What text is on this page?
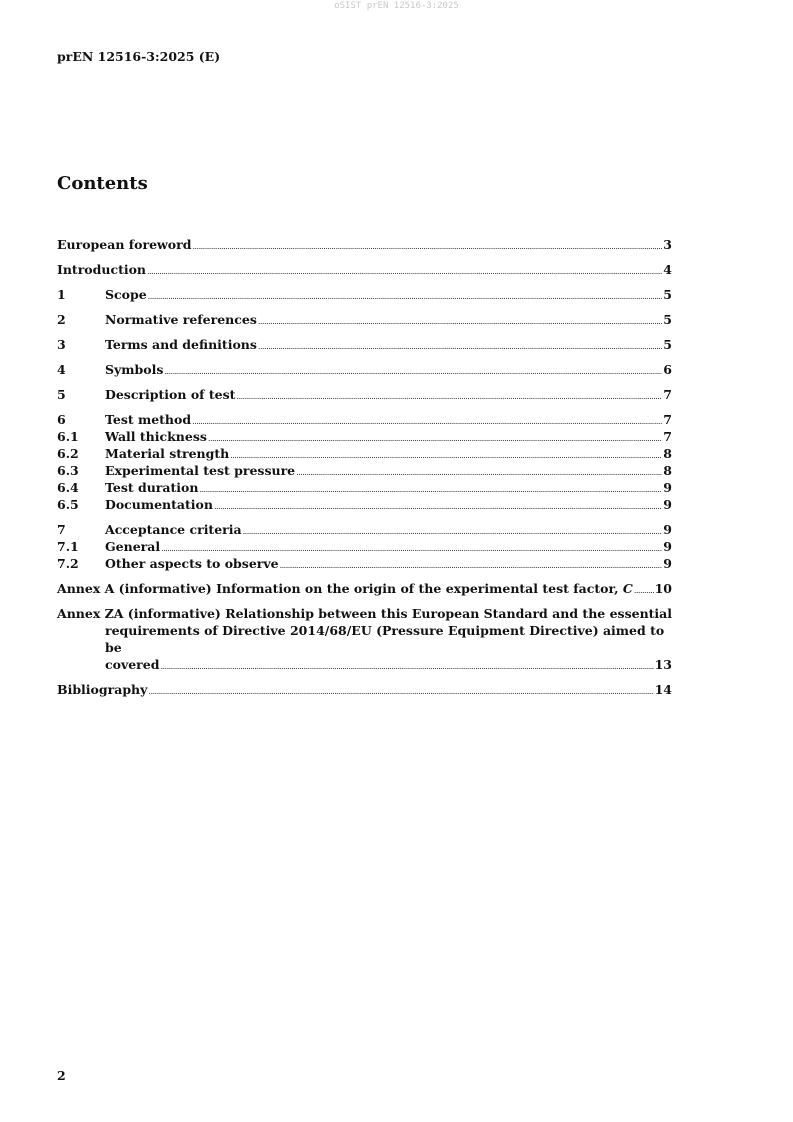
oSIST prEN 12516-3:2025
prEN 12516-3:2025 (E)
Contents
European foreword .....	3
Introduction .....	4
1	Scope .....	5
2	Normative references .....	5
3	Terms and definitions .....	5
4	Symbols .....	6
5	Description of test .....	7
6	Test method .....	7
6.1	Wall thickness .....	7
6.2	Material strength .....	8
6.3	Experimental test pressure .....	8
6.4	Test duration .....	9
6.5	Documentation .....	9
7	Acceptance criteria .....	9
7.1	General .....	9
7.2	Other aspects to observe .....	9
Annex A (informative) Information on the origin of the experimental test factor, C ..... 10
Annex ZA (informative) Relationship between this European Standard and the essential
requirements of Directive 2014/68/EU (Pressure Equipment Directive) aimed to be
covered .....	13
Bibliography .....	14
2
